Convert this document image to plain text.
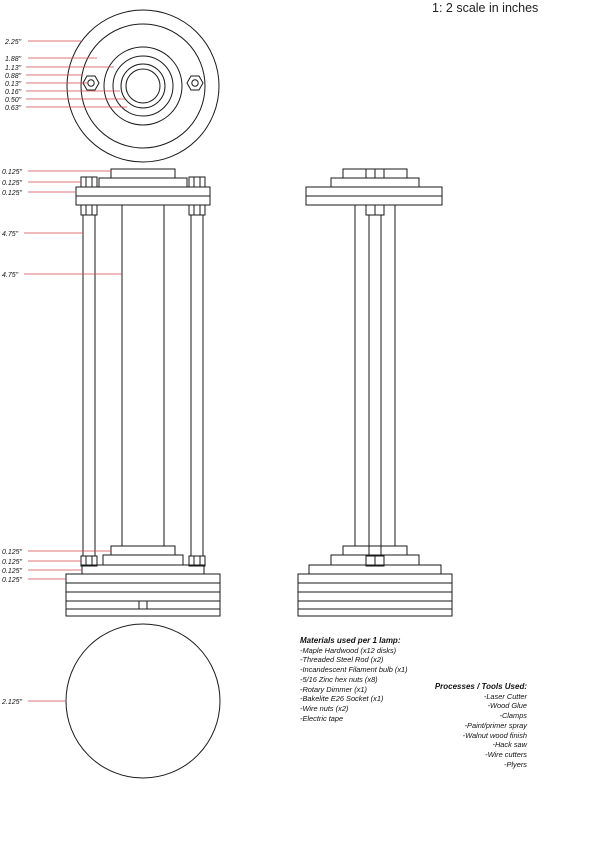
1: 2 scale in inches
2.25"
1.88"
1.13"
0.88"
0.13"
0.16"
0.50"
0.63"
0.125"
0.125"
0.125"
4.75"
4.75"
0.125"
0.125"
0.125"
0.125"
2.125"
Materials used per 1 lamp:
-Maple Hardwood (x12 disks)
-Threaded Steel Rod (x2)
-Incandescent Filament bulb (x1)
-5/16 Zinc hex nuts (x8)
-Rotary Dimmer (x1)
-Bakelite E26 Socket (x1)
-Wire nuts (x2)
-Electric tape
Processes / Tools Used:
-Laser Cutter
-Wood Glue
-Clamps
-Paint/primer spray
-Walnut wood finish
-Hack saw
-Wire cutters
-Plyers
